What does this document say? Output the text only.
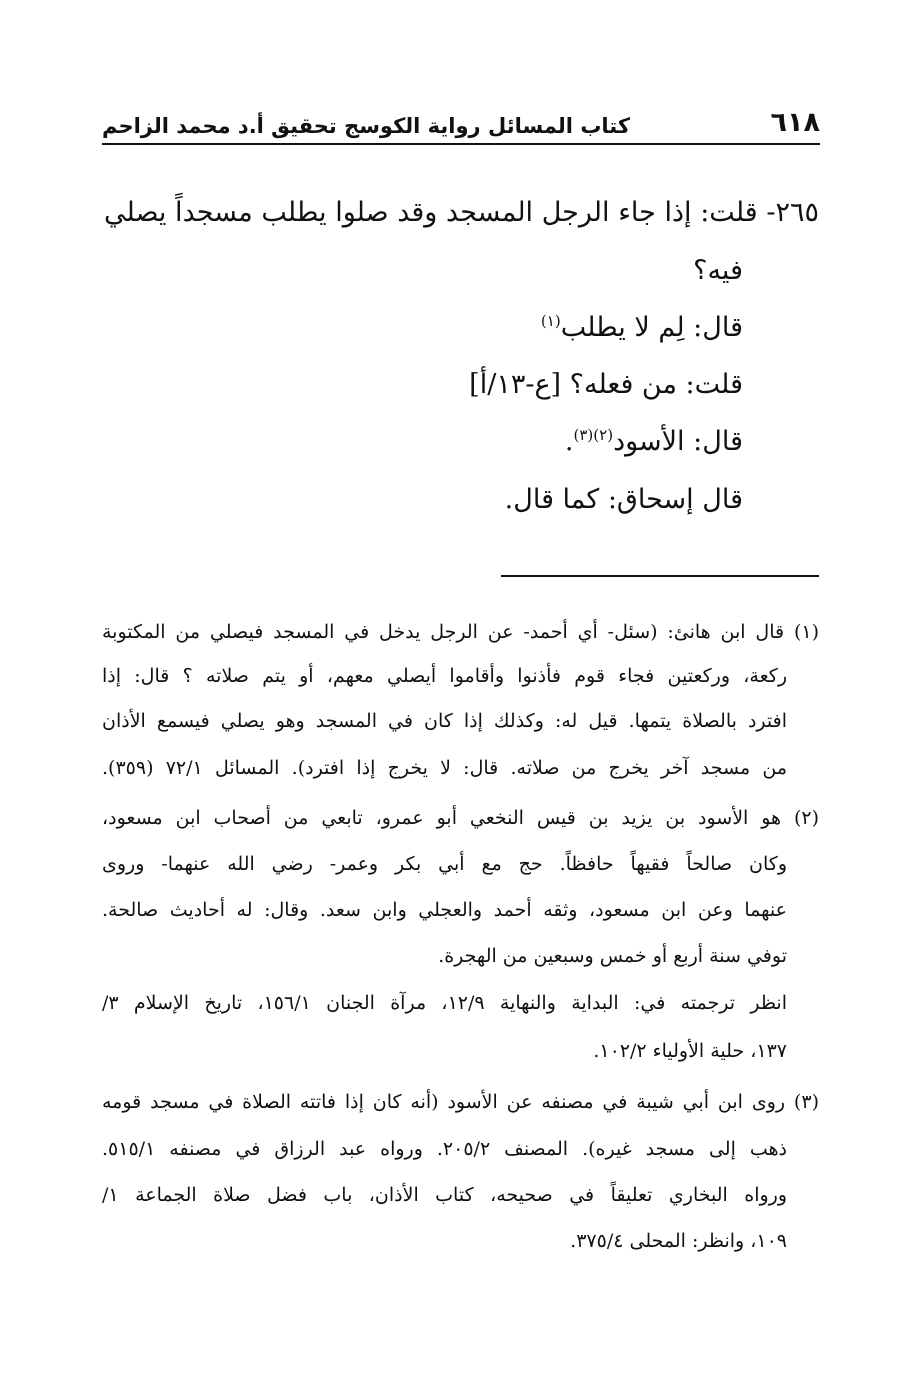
٦١٨
كتاب المسائل رواية الكوسج تحقيق أ.د محمد الزاحم
٢٦٥- قلت: إذا جاء الرجل المسجد وقد صلوا يطلب مسجداً يصلي
فيه؟
قال: لِم لا يطلب$^{(١)}$
قلت: من فعله؟ [ع-١٣/أ]
قال: الأسود$^{(٢)(٣)}$.
قال إسحاق: كما قال.
(١) قال ابن هانئ: (سئل- أي أحمد- عن الرجل يدخل في المسجد فيصلي من المكتوبة
ركعة، وركعتين فجاء قوم فأذنوا وأقاموا أيصلي معهم، أو يتم صلاته ؟ قال: إذا
افترد بالصلاة يتمها. قيل له: وكذلك إذا كان في المسجد وهو يصلي فيسمع الأذان
من مسجد آخر يخرج من صلاته. قال: لا يخرج إذا افترد). المسائل ٧٢/١ (٣٥٩).
(٢) هو الأسود بن يزيد بن قيس النخعي أبو عمرو، تابعي من أصحاب ابن مسعود،
وكان صالحاً فقيهاً حافظاً. حج مع أبي بكر وعمر- رضي الله عنهما- وروى
عنهما وعن ابن مسعود، وثقه أحمد والعجلي وابن سعد. وقال: له أحاديث صالحة.
توفي سنة أربع أو خمس وسبعين من الهجرة.
انظر ترجمته في: البداية والنهاية ١٢/٩، مرآة الجنان ١٥٦/١، تاريخ الإسلام ٣/
١٣٧، حلية الأولياء ١٠٢/٢.
(٣) روى ابن أبي شيبة في مصنفه عن الأسود (أنه كان إذا فاتته الصلاة في مسجد قومه
ذهب إلى مسجد غيره). المصنف ٢٠٥/٢. ورواه عبد الرزاق في مصنفه ٥١٥/١.
ورواه البخاري تعليقاً في صحيحه، كتاب الأذان، باب فضل صلاة الجماعة ١/
١٠٩، وانظر: المحلى ٣٧٥/٤.
